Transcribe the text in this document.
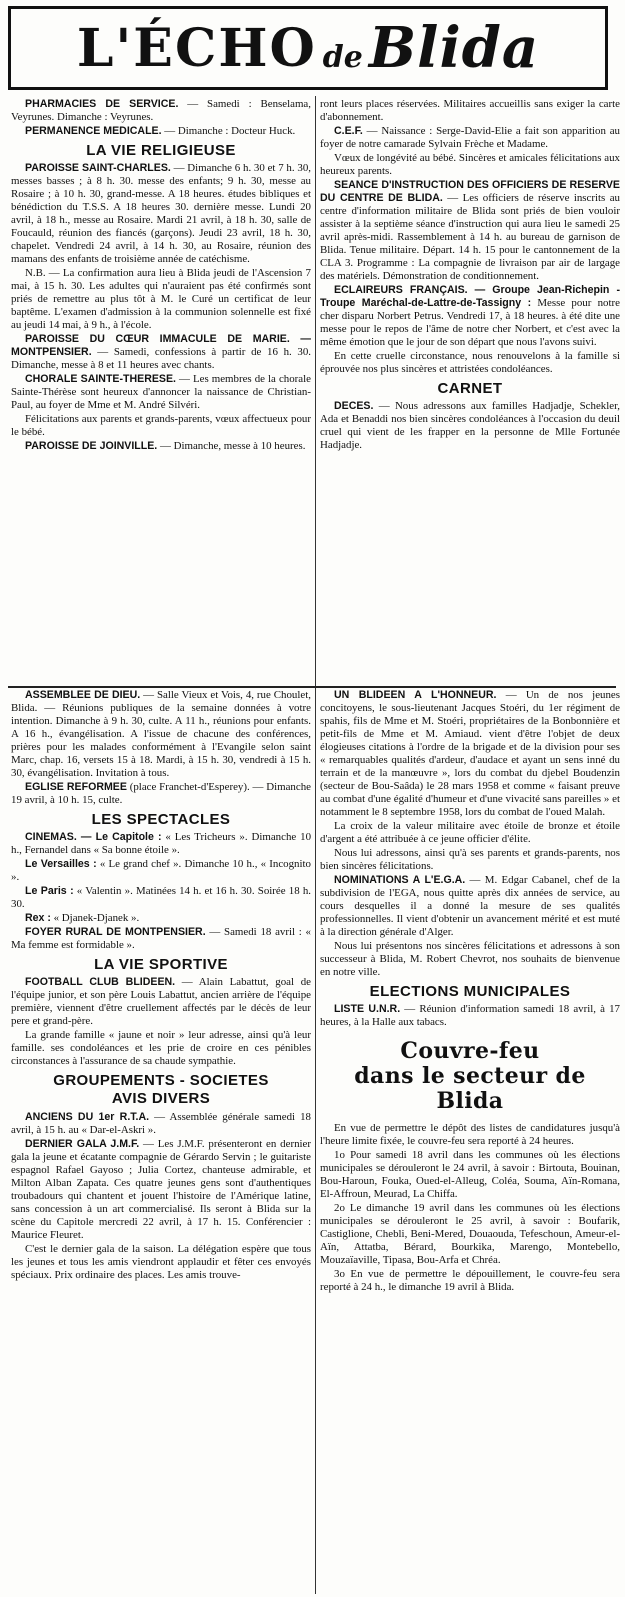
L'ÉCHO de Blida

PHARMACIES DE SERVICE. — Samedi : Benselama, Veyrunes. Dimanche : Veyrunes.

PERMANENCE MEDICALE. — Dimanche : Docteur Huck.

LA VIE RELIGIEUSE

PAROISSE SAINT-CHARLES. — Dimanche 6 h. 30 et 7 h. 30, messes basses ; à 8 h. 30. messe des enfants; 9 h. 30, messe au Rosaire ; à 10 h. 30, grand-messe. A 18 heures. études bibliques et bénédiction du T.S.S. A 18 heures 30. dernière messe. Lundi 20 avril, à 18 h., messe au Rosaire. Mardi 21 avril, à 18 h. 30, salle de Foucauld, réunion des fiancés (garçons). Jeudi 23 avril, 18 h. 30, chapelet. Vendredi 24 avril, à 14 h. 30, au Rosaire, réunion des mamans des enfants de troisième année de catéchisme.

N.B. — La confirmation aura lieu à Blida jeudi de l'Ascension 7 mai, à 15 h. 30. Les adultes qui n'auraient pas été confirmés sont priés de remettre au plus tôt à M. le Curé un certificat de leur baptême. L'examen d'admission à la communion solennelle est fixé au jeudi 14 mai, à 9 h., à l'école.

PAROISSE DU CŒUR IMMACULE DE MARIE. — MONTPENSIER. — Samedi, confessions à partir de 16 h. 30. Dimanche, messe à 8 et 11 heures avec chants.

CHORALE SAINTE-THERESE. — Les membres de la chorale Sainte-Thérèse sont heureux d'annoncer la naissance de Christian-Paul, au foyer de Mme et M. André Silvéri.

Félicitations aux parents et grands-parents, vœux affectueux pour le bébé.

PAROISSE DE JOINVILLE. — Dimanche, messe à 10 heures.

ront leurs places réservées. Militaires accueillis sans exiger la carte d'abonnement.

C.E.F. — Naissance : Serge-David-Elie a fait son apparition au foyer de notre camarade Sylvain Frèche et Madame.

Vœux de longévité au bébé. Sincères et amicales félicitations aux heureux parents.

SEANCE D'INSTRUCTION DES OFFICIERS DE RESERVE DU CENTRE DE BLIDA. — Les officiers de réserve inscrits au centre d'information militaire de Blida sont priés de bien vouloir assister à la septième séance d'instruction qui aura lieu le samedi 25 avril après-midi. Rassemblement à 14 h. au bureau de garnison de Blida. Tenue militaire. Départ. 14 h. 15 pour le cantonnement de la CLA 3. Programme : La compagnie de livraison par air de largage des matériels. Démonstration de conditionnement.

ECLAIREURS FRANÇAIS. — Groupe Jean-Richepin - Troupe Maréchal-de-Lattre-de-Tassigny : Messe pour notre cher disparu Norbert Petrus. Vendredi 17, à 18 heures. à été dite une messe pour le repos de l'âme de notre cher Norbert, et c'est avec la même émotion que le jour de son départ que nous l'avons suivi.

En cette cruelle circonstance, nous renouvelons à la famille si éprouvée nos plus sincères et attristées condoléances.

CARNET

DECES. — Nous adressons aux familles Hadjadje, Schekler, Ada et Benaddi nos bien sincères condoléances à l'occasion du deuil cruel qui vient de les frapper en la personne de Mlle Fortunée Hadjadje.

ASSEMBLEE DE DIEU. — Salle Vieux et Vois, 4, rue Choulet, Blida. — Réunions publiques de la semaine données à votre intention. Dimanche à 9 h. 30, culte. A 11 h., réunions pour enfants. A 16 h., évangélisation. A l'issue de chacune des conférences, prières pour les malades conformément à l'Evangile selon saint Marc, chap. 16, versets 15 à 18. Mardi, à 15 h. 30, vendredi à 15 h. 30, évangélisation. Invitation à tous.

EGLISE REFORMEE (place Franchet-d'Esperey). — Dimanche 19 avril, à 10 h. 15, culte.

LES SPECTACLES

CINEMAS. — Le Capitole : « Les Tricheurs ». Dimanche 10 h., Fernandel dans « Sa bonne étoile ».

Le Versailles : « Le grand chef ». Dimanche 10 h., « Incognito ».

Le Paris : « Valentin ». Matinées 14 h. et 16 h. 30. Soirée 18 h. 30.

Rex : « Djanek-Djanek ».

FOYER RURAL DE MONTPENSIER. — Samedi 18 avril : « Ma femme est formidable ».

LA VIE SPORTIVE

FOOTBALL CLUB BLIDEEN. — Alain Labattut, goal de l'équipe junior, et son père Louis Labattut, ancien arrière de l'équipe première, viennent d'être cruellement affectés par le décès de leur pere et grand-père.

La grande famille « jaune et noir » leur adresse, ainsi qu'à leur famille. ses condoléances et les prie de croire en ces pénibles circonstances à l'assurance de sa chaude sympathie.

GROUPEMENTS - SOCIETES
AVIS DIVERS

ANCIENS DU 1er R.T.A. — Assemblée générale samedi 18 avril, à 15 h. au « Dar-el-Askri ».

DERNIER GALA J.M.F. — Les J.M.F. présenteront en dernier gala la jeune et écatante compagnie de Gérardo Servin ; le guitariste espagnol Rafael Gayoso ; Julia Cortez, chanteuse admirable, et Milton Alban Zapata. Ces quatre jeunes gens sont d'authentiques troubadours qui chantent et jouent l'histoire de l'Amérique latine, sans concession à un art commercialisé. Ils seront à Blida sur la scène du Capitole mercredi 22 avril, à 17 h. 15. Conférencier : Maurice Fleuret.

C'est le dernier gala de la saison. La délégation espère que tous les jeunes et tous les amis viendront applaudir et fêter ces envoyés spéciaux. Prix ordinaire des places. Les amis trouve-

UN BLIDEEN A L'HONNEUR. — Un de nos jeunes concitoyens, le sous-lieutenant Jacques Stoéri, du 1er régiment de spahis, fils de Mme et M. Stoéri, propriétaires de la Bonbonnière et petit-fils de Mme et M. Amiaud. vient d'être l'objet de deux élogieuses citations à l'ordre de la brigade et de la division pour ses « remarquables qualités d'ardeur, d'audace et ayant un sens inné du terrain et de la manœuvre », lors du combat du djebel Boudenzin (secteur de Bou-Saâda) le 28 mars 1958 et comme « faisant preuve au combat d'une égalité d'humeur et d'une vivacité sans pareilles » et notamment le 8 septembre 1958, lors du combat de l'oued Malah.

La croix de la valeur militaire avec étoile de bronze et étoile d'argent a été attribuée à ce jeune officier d'élite.

Nous lui adressons, ainsi qu'à ses parents et grands-parents, nos bien sincères félicitations.

NOMINATIONS A L'E.G.A. — M. Edgar Cabanel, chef de la subdivision de l'EGA, nous quitte après dix années de service, au cours desquelles il a donné la mesure de ses qualités professionnelles. Il vient d'obtenir un avancement mérité et est muté à la direction générale d'Alger.

Nous lui présentons nos sincères félicitations et adressons à son successeur à Blida, M. Robert Chevrot, nos souhaits de bienvenue en notre ville.

ELECTIONS MUNICIPALES

LISTE U.N.R. — Réunion d'information samedi 18 avril, à 17 heures, à la Halle aux tabacs.

Couvre-feu
dans le secteur de Blida

En vue de permettre le dépôt des listes de candidatures jusqu'à l'heure limite fixée, le couvre-feu sera reporté à 24 heures.

1o Pour samedi 18 avril dans les communes où les élections municipales se dérouleront le 24 avril, à savoir : Birtouta, Bouinan, Bou-Haroun, Fouka, Oued-el-Alleug, Coléa, Souma, Aïn-Romana, El-Affroun, Meurad, La Chiffa.

2o Le dimanche 19 avril dans les communes où les élections municipales se dérouleront le 25 avril, à savoir : Boufarik, Castiglione, Chebli, Beni-Mered, Douaouda, Tefeschoun, Ameur-el-Aïn, Attatba, Bérard, Bourkika, Marengo, Montebello, Mouzaïaville, Tipasa, Bou-Arfa et Chréa.

3o En vue de permettre le dépouillement, le couvre-feu sera reporté à 24 h., le dimanche 19 avril à Blida.
